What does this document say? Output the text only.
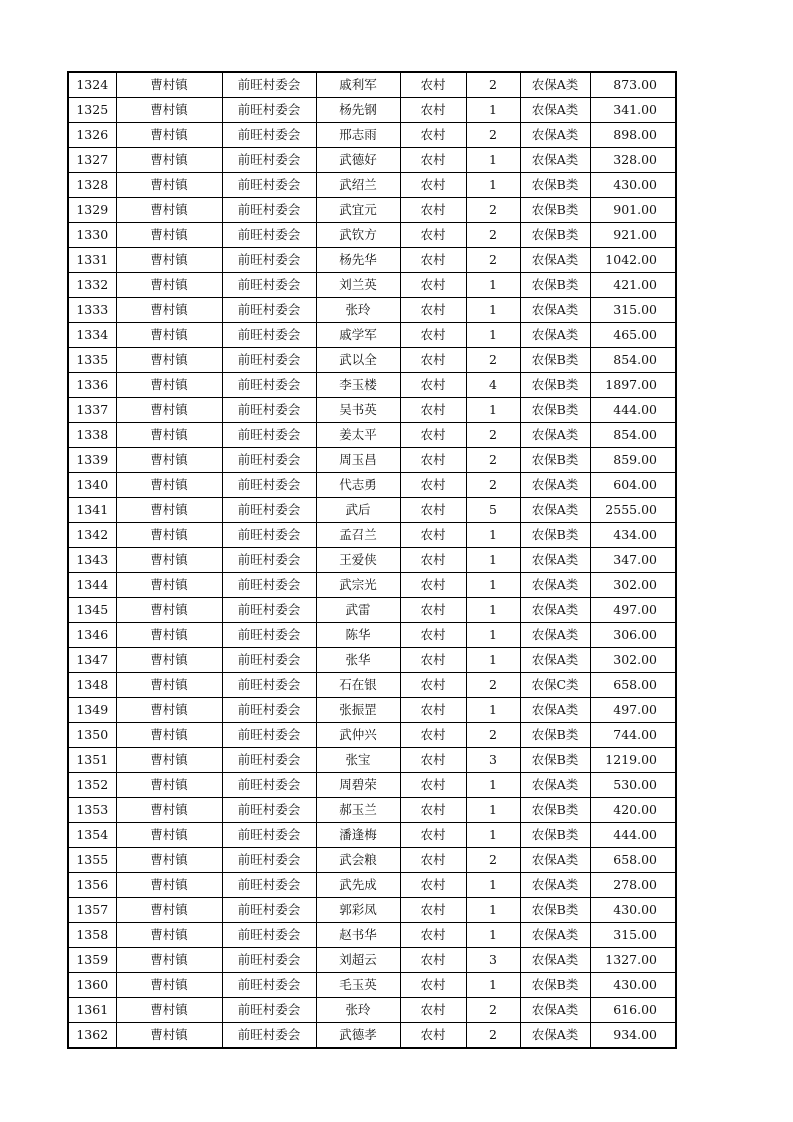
1324	曹村镇	前旺村委会	戚利军	农村	2	农保A类	873.00
1325	曹村镇	前旺村委会	杨先钢	农村	1	农保A类	341.00
1326	曹村镇	前旺村委会	邢志雨	农村	2	农保A类	898.00
1327	曹村镇	前旺村委会	武德好	农村	1	农保A类	328.00
1328	曹村镇	前旺村委会	武绍兰	农村	1	农保B类	430.00
1329	曹村镇	前旺村委会	武宜元	农村	2	农保B类	901.00
1330	曹村镇	前旺村委会	武钦方	农村	2	农保B类	921.00
1331	曹村镇	前旺村委会	杨先华	农村	2	农保A类	1042.00
1332	曹村镇	前旺村委会	刘兰英	农村	1	农保B类	421.00
1333	曹村镇	前旺村委会	张玲	农村	1	农保A类	315.00
1334	曹村镇	前旺村委会	戚学军	农村	1	农保A类	465.00
1335	曹村镇	前旺村委会	武以全	农村	2	农保B类	854.00
1336	曹村镇	前旺村委会	李玉楼	农村	4	农保B类	1897.00
1337	曹村镇	前旺村委会	吴书英	农村	1	农保B类	444.00
1338	曹村镇	前旺村委会	姜太平	农村	2	农保A类	854.00
1339	曹村镇	前旺村委会	周玉昌	农村	2	农保B类	859.00
1340	曹村镇	前旺村委会	代志勇	农村	2	农保A类	604.00
1341	曹村镇	前旺村委会	武后	农村	5	农保A类	2555.00
1342	曹村镇	前旺村委会	孟召兰	农村	1	农保B类	434.00
1343	曹村镇	前旺村委会	王爱侠	农村	1	农保A类	347.00
1344	曹村镇	前旺村委会	武宗光	农村	1	农保A类	302.00
1345	曹村镇	前旺村委会	武雷	农村	1	农保A类	497.00
1346	曹村镇	前旺村委会	陈华	农村	1	农保A类	306.00
1347	曹村镇	前旺村委会	张华	农村	1	农保A类	302.00
1348	曹村镇	前旺村委会	石在银	农村	2	农保C类	658.00
1349	曹村镇	前旺村委会	张振罡	农村	1	农保A类	497.00
1350	曹村镇	前旺村委会	武仲兴	农村	2	农保B类	744.00
1351	曹村镇	前旺村委会	张宝	农村	3	农保B类	1219.00
1352	曹村镇	前旺村委会	周碧荣	农村	1	农保A类	530.00
1353	曹村镇	前旺村委会	郝玉兰	农村	1	农保B类	420.00
1354	曹村镇	前旺村委会	潘逢梅	农村	1	农保B类	444.00
1355	曹村镇	前旺村委会	武会粮	农村	2	农保A类	658.00
1356	曹村镇	前旺村委会	武先成	农村	1	农保A类	278.00
1357	曹村镇	前旺村委会	郭彩凤	农村	1	农保B类	430.00
1358	曹村镇	前旺村委会	赵书华	农村	1	农保A类	315.00
1359	曹村镇	前旺村委会	刘超云	农村	3	农保A类	1327.00
1360	曹村镇	前旺村委会	毛玉英	农村	1	农保B类	430.00
1361	曹村镇	前旺村委会	张玲	农村	2	农保A类	616.00
1362	曹村镇	前旺村委会	武德孝	农村	2	农保A类	934.00
